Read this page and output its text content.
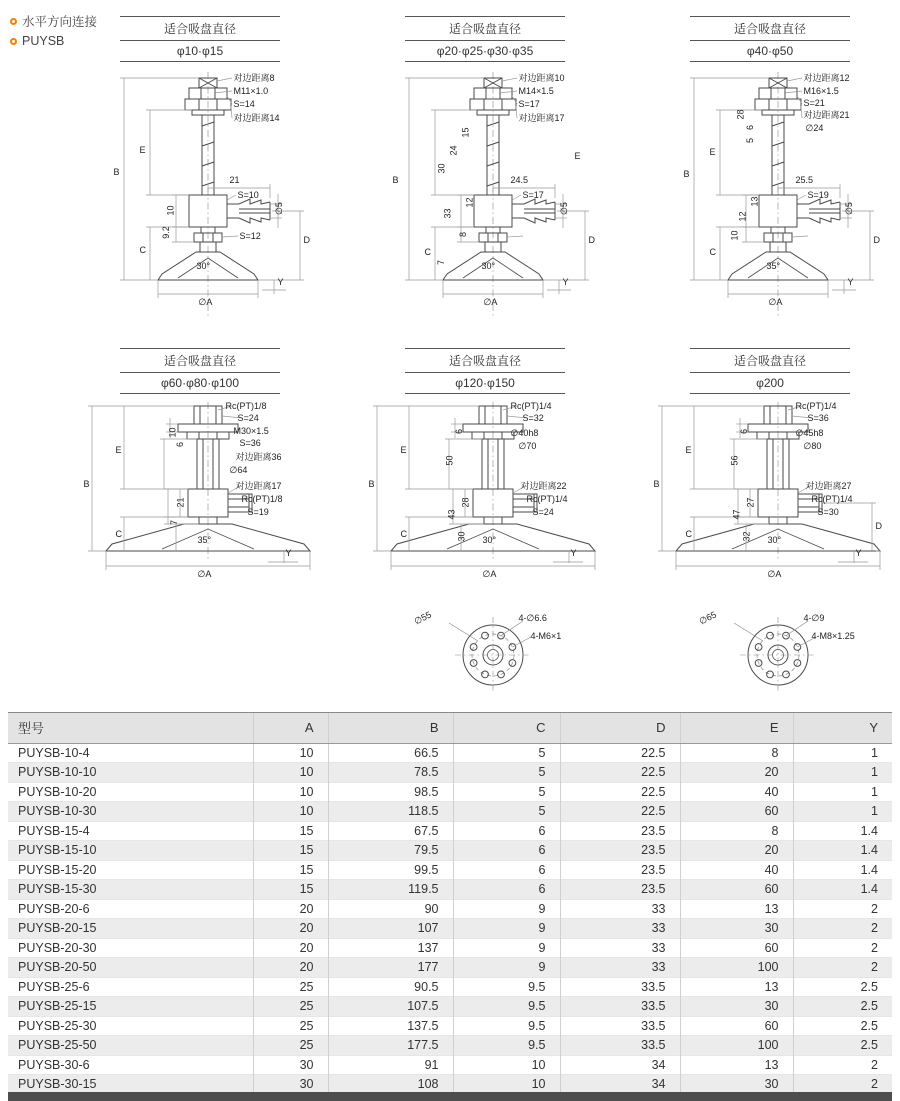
水平方向连接
PUYSB
适合吸盘直径
φ10·φ15
对边距离8
M11×1.0
S=14
对边距离14
21
S=10
∅5
10
9.2	S=12
B
E
C
D
Y
30°
∅A
适合吸盘直径
φ20·φ25·φ30·φ35
对边距离10
M14×1.5
S=17
对边距离17
15
24
30
12
33
8
7
24.5
S=17
∅5
B
E
C
D
Y
30°
∅A
适合吸盘直径
φ40·φ50
对边距离12
M16×1.5
S=21
对边距离21
∅24
28
6
5
13
12
10
25.5
S=19
∅5
B
E
C
D
Y
35°
∅A
适合吸盘直径
φ60·φ80·φ100
Rc(PT)1/8
S=24
M30×1.5
S=36
10
6
对边距离36
∅64
对边距离17
Rc(PT)1/8
S=19
21
7
B
E
C
Y
35°
∅A
适合吸盘直径
φ120·φ150
Rc(PT)1/4
S=32
∅40h8
∅70
50
6
对边距离22
Rc(PT)1/4
S=24
28
43
30
B
E
C
Y
30°
∅A
4-∅6.6
4-M6×1
∅55
适合吸盘直径
φ200
Rc(PT)1/4
S=36
∅45h8
∅80
56
6
对边距离27
Rc(PT)1/4
S=30
27
47
32
B
E
C
D
Y
30°
∅A
4-∅9
4-M8×1.25
∅65
型号	A	B	C	D	E	Y
PUYSB-10-4	10	66.5	5	22.5	8	1
PUYSB-10-10	10	78.5	5	22.5	20	1
PUYSB-10-20	10	98.5	5	22.5	40	1
PUYSB-10-30	10	118.5	5	22.5	60	1
PUYSB-15-4	15	67.5	6	23.5	8	1.4
PUYSB-15-10	15	79.5	6	23.5	20	1.4
PUYSB-15-20	15	99.5	6	23.5	40	1.4
PUYSB-15-30	15	119.5	6	23.5	60	1.4
PUYSB-20-6	20	90	9	33	13	2
PUYSB-20-15	20	107	9	33	30	2
PUYSB-20-30	20	137	9	33	60	2
PUYSB-20-50	20	177	9	33	100	2
PUYSB-25-6	25	90.5	9.5	33.5	13	2.5
PUYSB-25-15	25	107.5	9.5	33.5	30	2.5
PUYSB-25-30	25	137.5	9.5	33.5	60	2.5
PUYSB-25-50	25	177.5	9.5	33.5	100	2.5
PUYSB-30-6	30	91	10	34	13	2
PUYSB-30-15	30	108	10	34	30	2
